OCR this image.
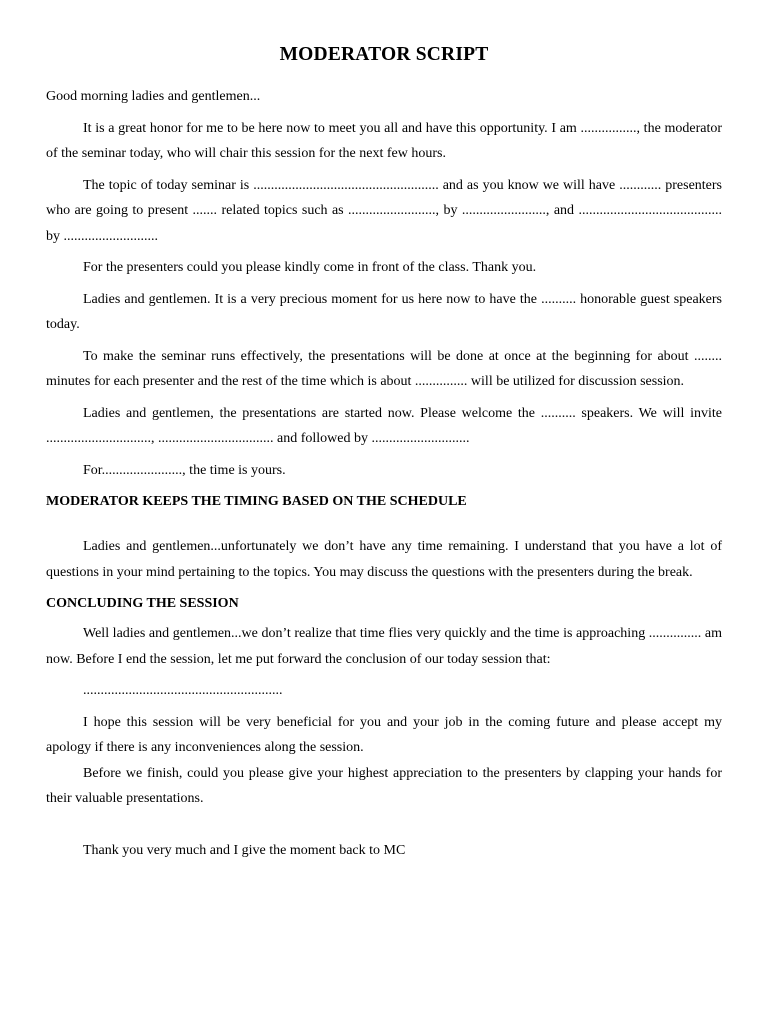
MODERATOR SCRIPT

Good morning ladies and gentlemen...

It is a great honor for me to be here now to meet you all and have this opportunity. I am ................, the moderator of the seminar today, who will chair this session for the next few hours.

The topic of today seminar is ..................................................... and as you know we will have ............ presenters who are going to present ....... related topics such as ........................., by ........................, and ......................................... by ...........................

For the presenters could you please kindly come in front of the class. Thank you.

Ladies and gentlemen. It is a very precious moment for us here now to have the .......... honorable guest speakers today.

To make the seminar runs effectively, the presentations will be done at once at the beginning for about ........ minutes for each presenter and the rest of the time which is about ............... will be utilized for discussion session.

Ladies and gentlemen, the presentations are started now. Please welcome the .......... speakers. We will invite .............................., ................................. and followed by ............................

For......................., the time is yours.

MODERATOR KEEPS THE TIMING BASED ON THE SCHEDULE

Ladies and gentlemen...unfortunately we don’t have any time remaining. I understand that you have a lot of questions in your mind pertaining to the topics. You may discuss the questions with the presenters during the break.

CONCLUDING THE SESSION

Well ladies and gentlemen...we don’t realize that time flies very quickly and the time is approaching ............... am now. Before I end the session, let me put forward the conclusion of our today session that:

.........................................................

I hope this session will be very beneficial for you and your job in the coming future and please accept my apology if there is any inconveniences along the session.

Before we finish, could you please give your highest appreciation to the presenters by clapping your hands for their valuable presentations.

Thank you very much and I give the moment back to MC
